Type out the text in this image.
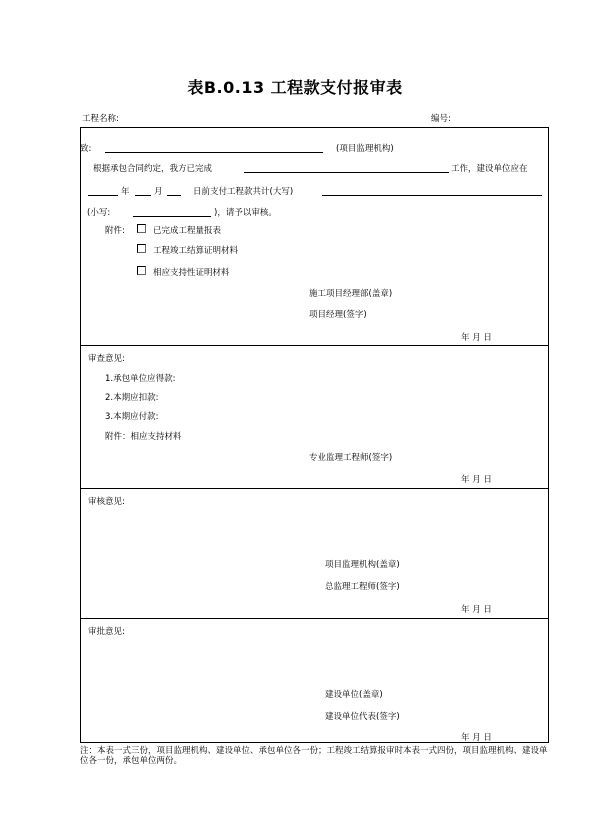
表B.0.13 工程款支付报审表
工程名称:	编号:
致:	(项目监理机构)
根据承包合同约定，我方已完成	工作，建设单位应在
年	月	日前支付工程款共计(大写)
(小写:	)，请予以审核。
附件:	已完成工程量报表
工程竣工结算证明材料
相应支持性证明材料
施工项目经理部(盖章)
项目经理(签字)
年 月 日
审查意见:
1.承包单位应得款:
2.本期应扣款:
3.本期应付款:
附件：相应支持材料
专业监理工程师(签字)
年 月 日
审核意见:
项目监理机构(盖章)
总监理工程师(签字)
年 月 日
审批意见:
建设单位(盖章)
建设单位代表(签字)
年 月 日
注：本表一式三份，项目监理机构、建设单位、承包单位各一份；工程竣工结算报审时本表一式四份，项目监理机构、建设单位各一份，承包单位两份。
